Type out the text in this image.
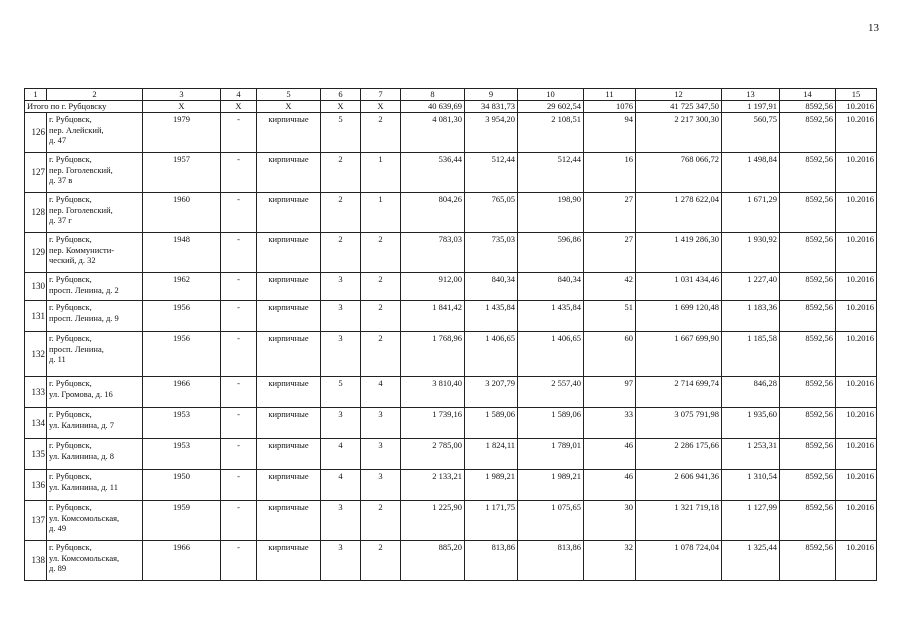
13
1	2	3	4	5	6	7	8	9	10	11	12	13	14	15
Итого по г. Рубцовску		Х	Х	Х	Х	Х	40 639,69	34 831,73	29 602,54	1076	41 725 347,50	1 197,91	8592,56	10.2016
126	г. Рубцовск,
пер. Алейский,
д. 47	1979	-	кирпичные	5	2	4 081,30	3 954,20	2 108,51	94	2 217 300,30	560,75	8592,56	10.2016
127	г. Рубцовск,
пер. Гоголевский,
д. 37 в	1957	-	кирпичные	2	1	536,44	512,44	512,44	16	768 066,72	1 498,84	8592,56	10.2016
128	г. Рубцовск,
пер. Гоголевский,
д. 37 г	1960	-	кирпичные	2	1	804,26	765,05	198,90	27	1 278 622,04	1 671,29	8592,56	10.2016
129	г. Рубцовск,
пер. Коммунисти-
ческий, д. 32	1948	-	кирпичные	2	2	783,03	735,03	596,86	27	1 419 286,30	1 930,92	8592,56	10.2016
130	г. Рубцовск,
просп. Ленина, д. 2	1962	-	кирпичные	3	2	912,00	840,34	840,34	42	1 031 434,46	1 227,40	8592,56	10.2016
131	г. Рубцовск,
просп. Ленина, д. 9	1956	-	кирпичные	3	2	1 841,42	1 435,84	1 435,84	51	1 699 120,48	1 183,36	8592,56	10.2016
132	г. Рубцовск,
просп. Ленина,
д. 11	1956	-	кирпичные	3	2	1 768,96	1 406,65	1 406,65	60	1 667 699,90	1 185,58	8592,56	10.2016
133	г. Рубцовск,
ул. Громова, д. 16	1966	-	кирпичные	5	4	3 810,40	3 207,79	2 557,40	97	2 714 699,74	846,28	8592,56	10.2016
134	г. Рубцовск,
ул. Калинина, д. 7	1953	-	кирпичные	3	3	1 739,16	1 589,06	1 589,06	33	3 075 791,98	1 935,60	8592,56	10.2016
135	г. Рубцовск,
ул. Калинина, д. 8	1953	-	кирпичные	4	3	2 785,00	1 824,11	1 789,01	46	2 286 175,66	1 253,31	8592,56	10.2016
136	г. Рубцовск,
ул. Калинина, д. 11	1950	-	кирпичные	4	3	2 133,21	1 989,21	1 989,21	46	2 606 941,36	1 310,54	8592,56	10.2016
137	г. Рубцовск,
ул. Комсомольская,
д. 49	1959	-	кирпичные	3	2	1 225,90	1 171,75	1 075,65	30	1 321 719,18	1 127,99	8592,56	10.2016
138	г. Рубцовск,
ул. Комсомольская,
д. 89	1966	-	кирпичные	3	2	885,20	813,86	813,86	32	1 078 724,04	1 325,44	8592,56	10.2016
